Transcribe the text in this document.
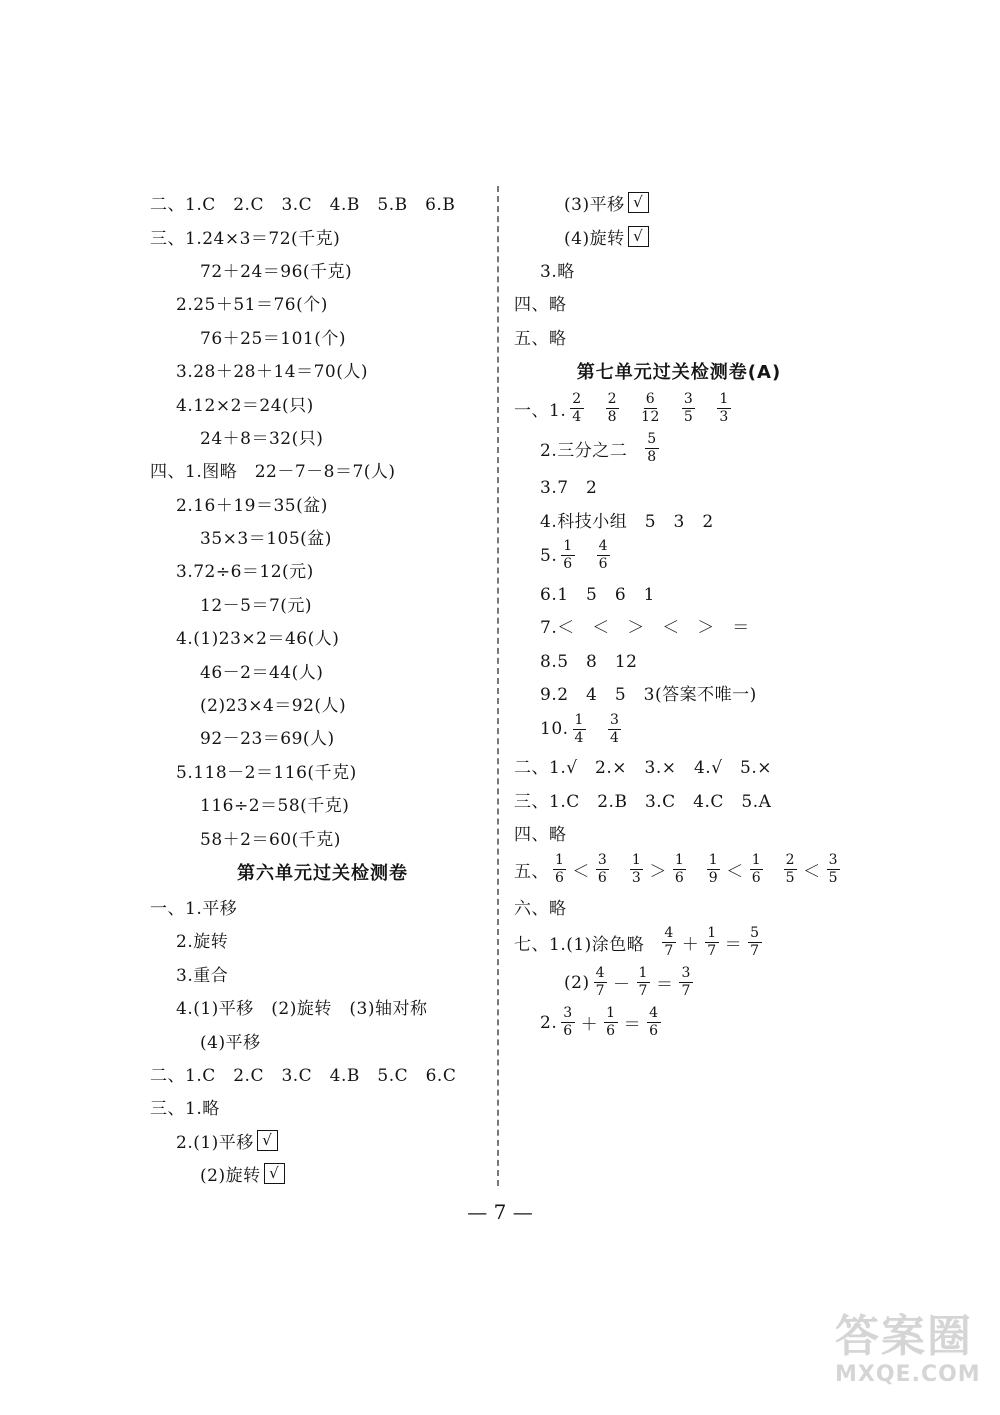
二、1.C　2.C　3.C　4.B　5.B　6.B
三、1.24×3＝72(千克)
72＋24＝96(千克)
2.25＋51＝76(个)
76＋25＝101(个)
3.28＋28＋14＝70(人)
4.12×2＝24(只)
24＋8＝32(只)
四、1.图略　22－7－8＝7(人)
2.16＋19＝35(盆)
35×3＝105(盆)
3.72÷6＝12(元)
12－5＝7(元)
4.(1)23×2＝46(人)
46－2＝44(人)
(2)23×4＝92(人)
92－23＝69(人)
5.118－2＝116(千克)
116÷2＝58(千克)
58＋2＝60(千克)
第六单元过关检测卷
一、1.平移
2.旋转
3.重合
4.(1)平移　(2)旋转　(3)轴对称
(4)平移
二、1.C　2.C　3.C　4.B　5.C　6.C
三、1.略
2.(1)平移 √
(2)旋转 √
(3)平移 √
(4)旋转 √
3.略
四、略
五、略
第七单元过关检测卷(A)
一、1. $\frac{2}{4} \frac{2}{8} \frac{6}{12} \frac{3}{5} \frac{1}{3}$
2.三分之二 $\frac{5}{8}$
3.7　2
4.科技小组　5　3　2
5. $\frac{1}{6} \frac{4}{6}$
6.1　5　6　1
7.＜　＜　＞　＜　＞　＝
8.5　8　12
9.2　4　5　3(答案不唯一)
10. $\frac{1}{4} \frac{3}{4}$
二、1.√　2.×　3.×　4.√　5.×
三、1.C　2.B　3.C　4.C　5.A
四、略
五、 $\frac{1}{6} < \frac{3}{6} \frac{1}{3} > \frac{1}{6} \frac{1}{9} < \frac{1}{6} \frac{2}{5} < \frac{3}{5}$
六、略
七、1.(1)涂色略 $\frac{4}{7} + \frac{1}{7} = \frac{5}{7}$
$(2) \frac{4}{7} - \frac{1}{7} = \frac{3}{7}$
2. $\frac{3}{6} + \frac{1}{6} = \frac{4}{6}$
— 7 —
答案圈
MXQE.COM
